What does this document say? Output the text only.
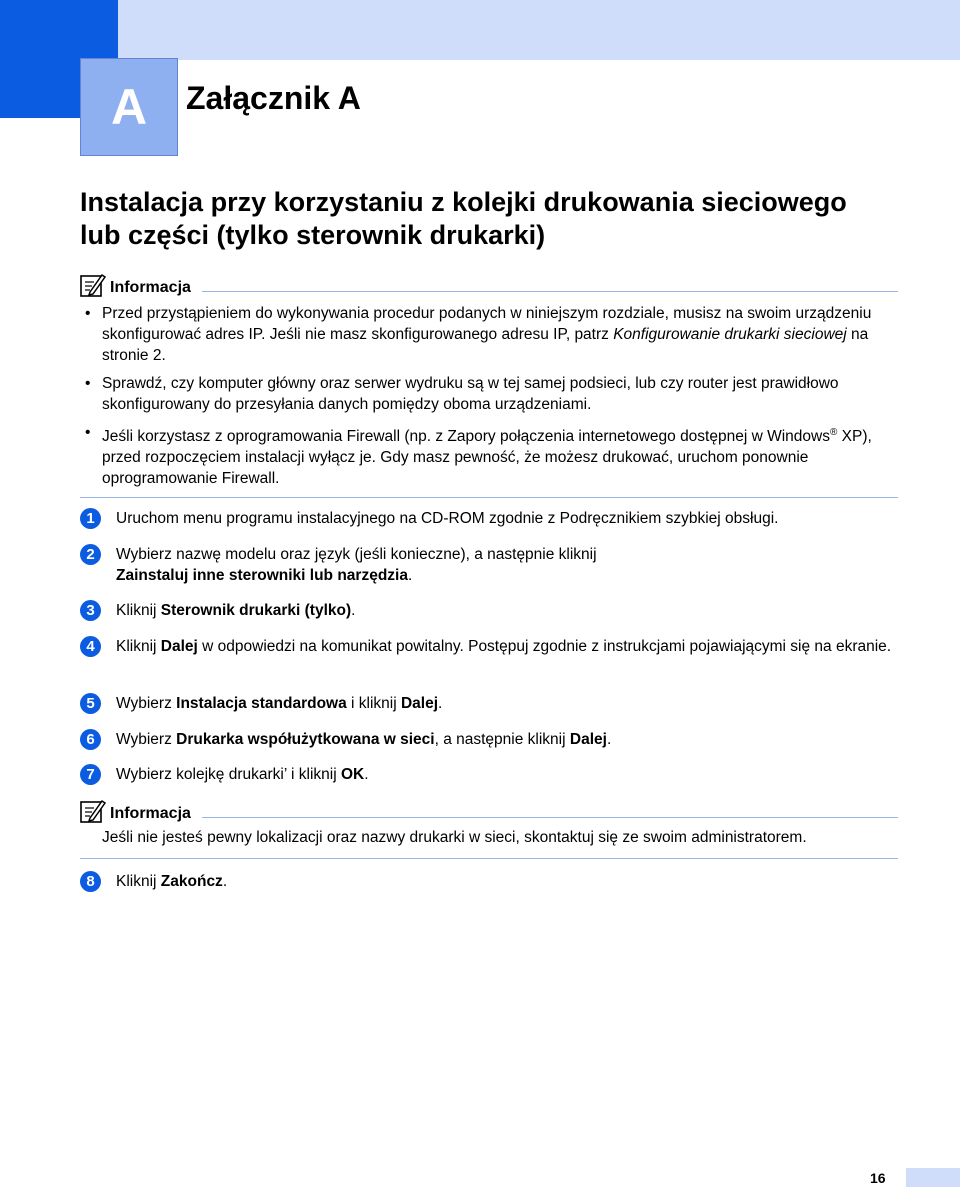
A	Załącznik A
Instalacja przy korzystaniu z kolejki drukowania sieciowego
lub części (tylko sterownik drukarki)
Informacja
• Przed przystąpieniem do wykonywania procedur podanych w niniejszym rozdziale, musisz na swoim urządzeniu skonfigurować adres IP. Jeśli nie masz skonfigurowanego adresu IP, patrz Konfigurowanie drukarki sieciowej na stronie 2.
• Sprawdź, czy komputer główny oraz serwer wydruku są w tej samej podsieci, lub czy router jest prawidłowo skonfigurowany do przesyłania danych pomiędzy oboma urządzeniami.
• Jeśli korzystasz z oprogramowania Firewall (np. z Zapory połączenia internetowego dostępnej w Windows® XP), przed rozpoczęciem instalacji wyłącz je. Gdy masz pewność, że możesz drukować, uruchom ponownie oprogramowanie Firewall.
1	Uruchom menu programu instalacyjnego na CD-ROM zgodnie z Podręcznikiem szybkiej obsługi.
2	Wybierz nazwę modelu oraz język (jeśli konieczne), a następnie kliknij
Zainstaluj inne sterowniki lub narzędzia.
3	Kliknij Sterownik drukarki (tylko).
4	Kliknij Dalej w odpowiedzi na komunikat powitalny. Postępuj zgodnie z instrukcjami pojawiającymi się na ekranie.
5	Wybierz Instalacja standardowa i kliknij Dalej.
6	Wybierz Drukarka współużytkowana w sieci, a następnie kliknij Dalej.
7	Wybierz kolejkę drukarki’ i kliknij OK.
Informacja
Jeśli nie jesteś pewny lokalizacji oraz nazwy drukarki w sieci, skontaktuj się ze swoim administratorem.
8	Kliknij Zakończ.
16
